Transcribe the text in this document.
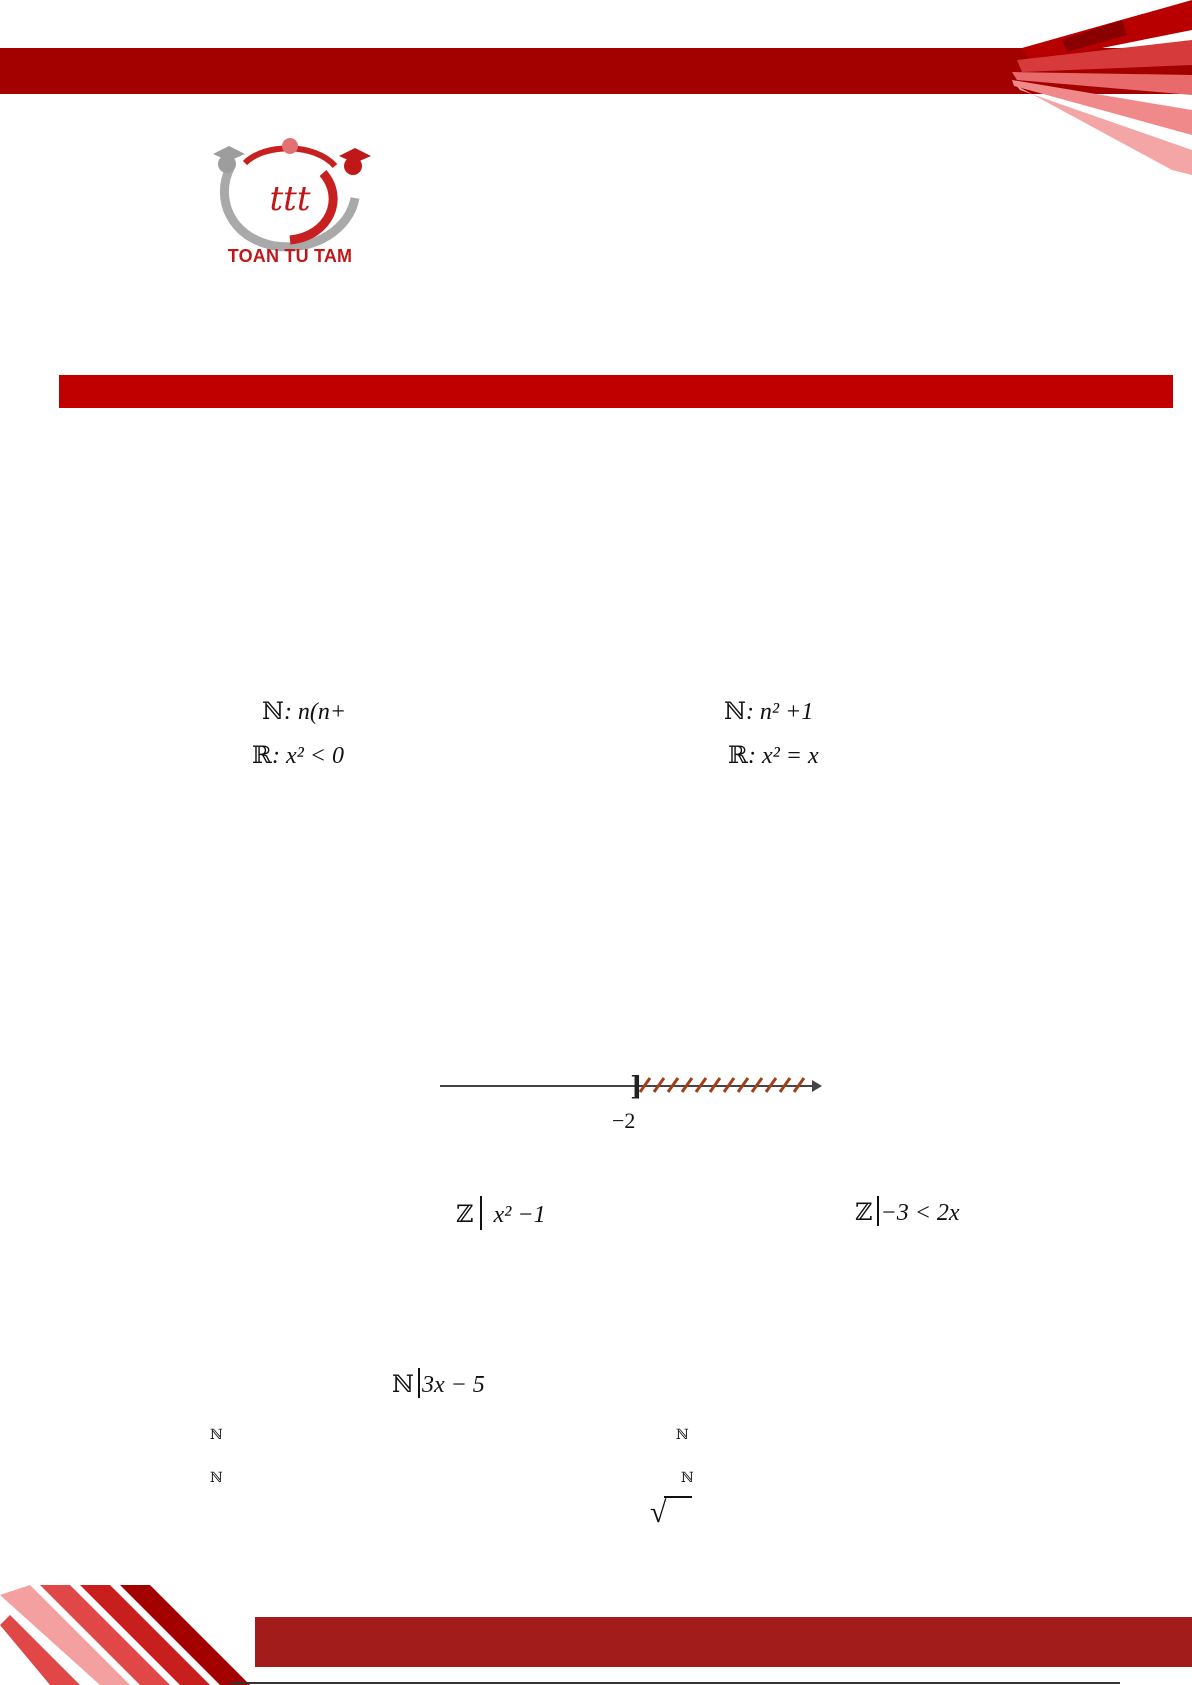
ttt
TOAN TU TAM
ℕ: n(n+	ℕ: n² +1
ℝ: x² < 0	ℝ: x² = x
]
−2
ℤ x² −1	ℤ −3 < 2x
ℕ 3x − 5
ℕ	ℕ
ℕ	ℕ
√
